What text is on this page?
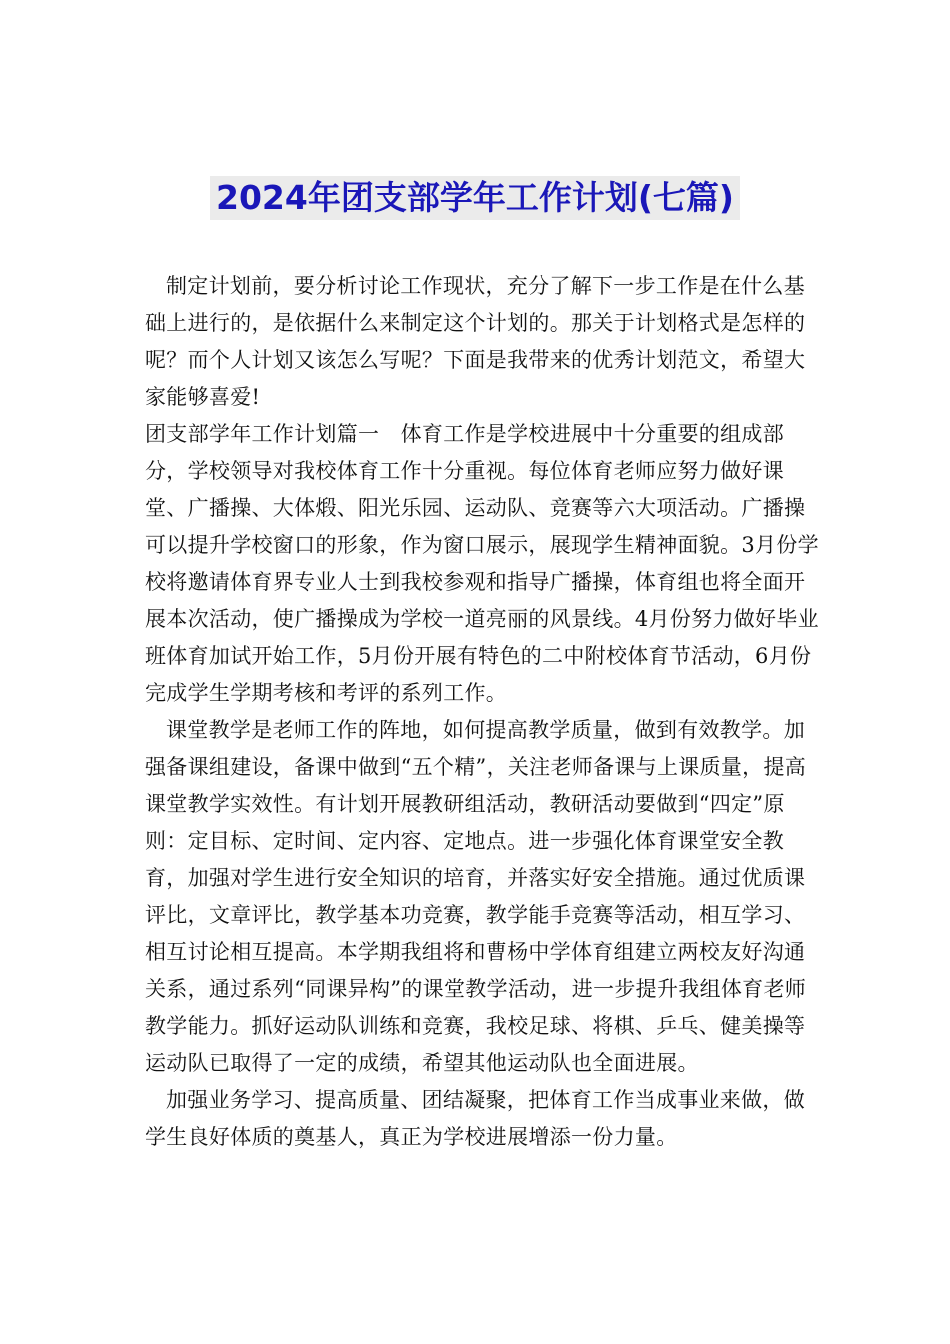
2024年团支部学年工作计划(七篇)

制定计划前，要分析讨论工作现状，充分了解下一步工作是在什么基础上进行的，是依据什么来制定这个计划的。那关于计划格式是怎样的呢？而个人计划又该怎么写呢？下面是我带来的优秀计划范文，希望大家能够喜爱!

团支部学年工作计划篇一　体育工作是学校进展中十分重要的组成部分，学校领导对我校体育工作十分重视。每位体育老师应努力做好课堂、广播操、大体煅、阳光乐园、运动队、竞赛等六大项活动。广播操可以提升学校窗口的形象，作为窗口展示，展现学生精神面貌。3月份学校将邀请体育界专业人士到我校参观和指导广播操，体育组也将全面开展本次活动，使广播操成为学校一道亮丽的风景线。4月份努力做好毕业班体育加试开始工作，5月份开展有特色的二中附校体育节活动，6月份完成学生学期考核和考评的系列工作。

课堂教学是老师工作的阵地，如何提高教学质量，做到有效教学。加强备课组建设，备课中做到“五个精”，关注老师备课与上课质量，提高课堂教学实效性。有计划开展教研组活动，教研活动要做到“四定”原则：定目标、定时间、定内容、定地点。进一步强化体育课堂安全教育，加强对学生进行安全知识的培育，并落实好安全措施。通过优质课评比，文章评比，教学基本功竞赛，教学能手竞赛等活动，相互学习、相互讨论相互提高。本学期我组将和曹杨中学体育组建立两校友好沟通关系，通过系列“同课异构”的课堂教学活动，进一步提升我组体育老师教学能力。抓好运动队训练和竞赛，我校足球、将棋、乒乓、健美操等运动队已取得了一定的成绩，希望其他运动队也全面进展。

加强业务学习、提高质量、团结凝聚，把体育工作当成事业来做，做学生良好体质的奠基人，真正为学校进展增添一份力量。
